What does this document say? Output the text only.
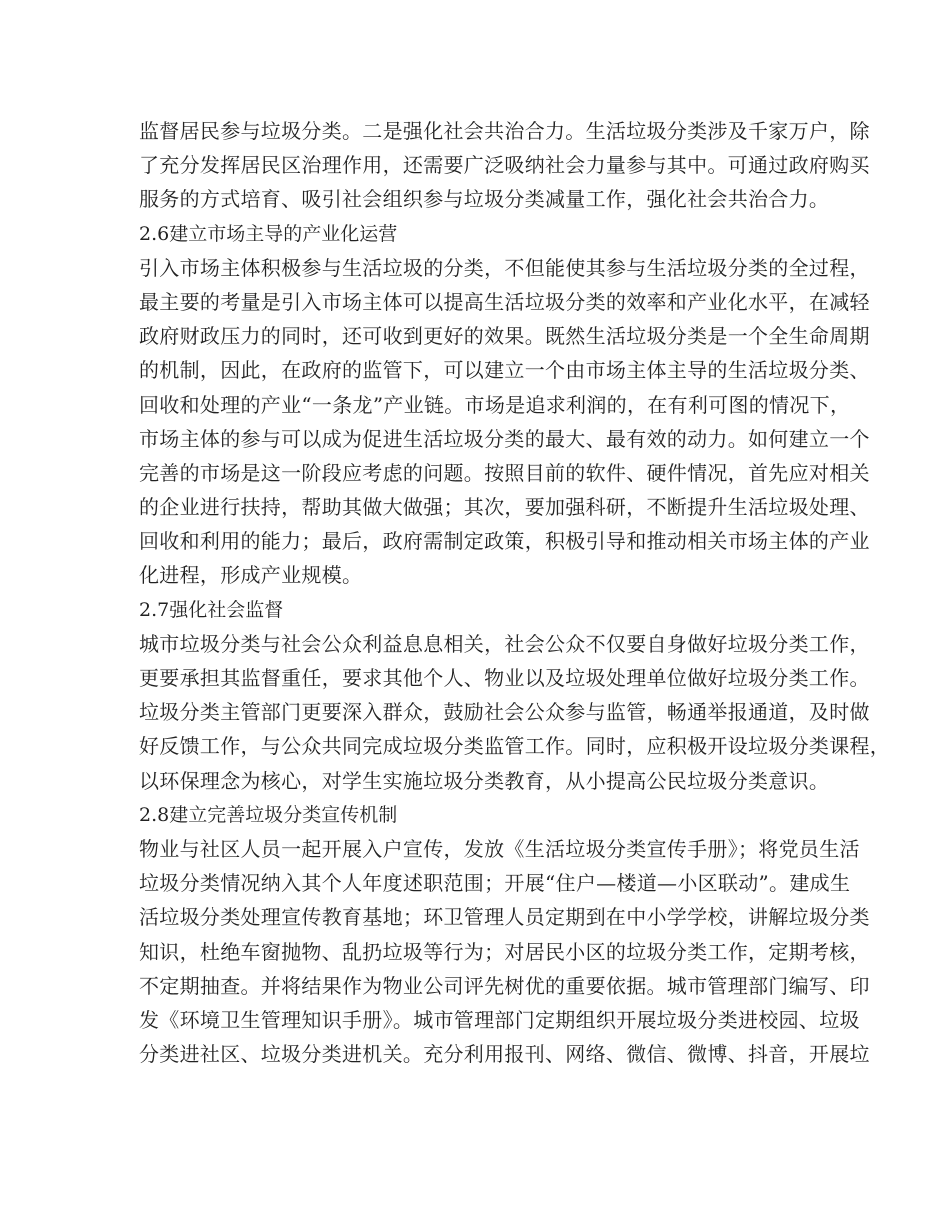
监督居民参与垃圾分类。二是强化社会共治合力。生活垃圾分类涉及千家万户，除
了充分发挥居民区治理作用，还需要广泛吸纳社会力量参与其中。可通过政府购买
服务的方式培育、吸引社会组织参与垃圾分类减量工作，强化社会共治合力。
2.6建立市场主导的产业化运营
引入市场主体积极参与生活垃圾的分类，不但能使其参与生活垃圾分类的全过程，
最主要的考量是引入市场主体可以提高生活垃圾分类的效率和产业化水平，在减轻
政府财政压力的同时，还可收到更好的效果。既然生活垃圾分类是一个全生命周期
的机制，因此，在政府的监管下，可以建立一个由市场主体主导的生活垃圾分类、
回收和处理的产业“一条龙”产业链。市场是追求利润的，在有利可图的情况下，
市场主体的参与可以成为促进生活垃圾分类的最大、最有效的动力。如何建立一个
完善的市场是这一阶段应考虑的问题。按照目前的软件、硬件情况，首先应对相关
的企业进行扶持，帮助其做大做强；其次，要加强科研，不断提升生活垃圾处理、
回收和利用的能力；最后，政府需制定政策，积极引导和推动相关市场主体的产业
化进程，形成产业规模。
2.7强化社会监督
城市垃圾分类与社会公众利益息息相关，社会公众不仅要自身做好垃圾分类工作，
更要承担其监督重任，要求其他个人、物业以及垃圾处理单位做好垃圾分类工作。
垃圾分类主管部门更要深入群众，鼓励社会公众参与监管，畅通举报通道，及时做
好反馈工作，与公众共同完成垃圾分类监管工作。同时，应积极开设垃圾分类课程，
以环保理念为核心，对学生实施垃圾分类教育，从小提高公民垃圾分类意识。
2.8建立完善垃圾分类宣传机制
物业与社区人员一起开展入户宣传，发放《生活垃圾分类宣传手册》；将党员生活
垃圾分类情况纳入其个人年度述职范围；开展“住户—楼道—小区联动”。建成生
活垃圾分类处理宣传教育基地；环卫管理人员定期到在中小学学校，讲解垃圾分类
知识，杜绝车窗抛物、乱扔垃圾等行为；对居民小区的垃圾分类工作，定期考核，
不定期抽查。并将结果作为物业公司评先树优的重要依据。城市管理部门编写、印
发《环境卫生管理知识手册》。城市管理部门定期组织开展垃圾分类进校园、垃圾
分类进社区、垃圾分类进机关。充分利用报刊、网络、微信、微博、抖音，开展垃
